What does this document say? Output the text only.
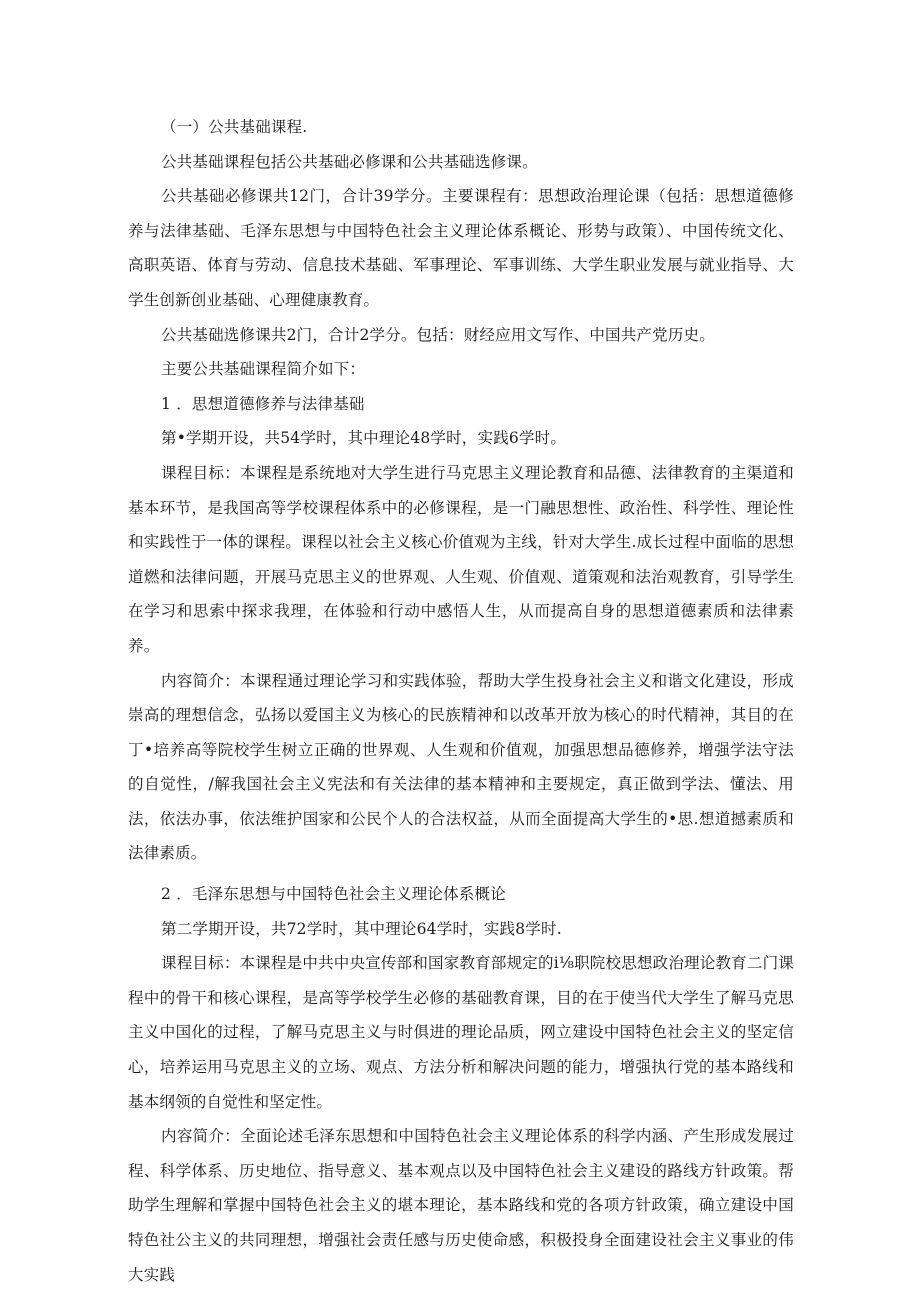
（一）公共基础课程.

公共基础课程包括公共基础必修课和公共基础选修课。

公共基础必修课共12门，合计39学分。主要课程有：思想政治理论课（包括：思想道德修养与法律基础、毛泽东思想与中国特色社会主义理论体系概论、形势与政策）、中国传统文化、高职英语、体育与劳动、信息技术基础、军事理论、军事训练、大学生职业发展与就业指导、大学生创新创业基础、心理健康教育。

公共基础选修课共2门，合计2学分。包括：财经应用文写作、中国共产党历史。

主要公共基础课程简介如下：

1 ．思想道德修养与法律基础

第•学期开设，共54学时，其中理论48学时，实践6学时。

课程目标：本课程是系统地对大学生进行马克思主义理论教育和品德、法律教育的主渠道和基本环节，是我国高等学校课程体系中的必修课程，是一门融思想性、政治性、科学性、理论性和实践性于一体的课程。课程以社会主义核心价值观为主线，针对大学生.成长过程中面临的思想道燃和法律问题，开展马克思主义的世界观、人生观、价值观、道策观和法治观教育，引导学生在学习和思索中探求我理，在体验和行动中感悟人生，从而提高自身的思想道德素质和法律素养。

内容简介：本课程通过理论学习和实践体验，帮助大学生投身社会主义和谐文化建设，形成崇高的理想信念，弘扬以爱国主义为核心的民族精神和以改革开放为核心的时代精神，其目的在丁•培养高等院校学生树立正确的世界观、人生观和价值观，加强思想品德修养，增强学法守法的自觉性，/解我国社会主义宪法和有关法律的基本精神和主要规定，真正做到学法、懂法、用法，依法办事，依法维护国家和公民个人的合法权益，从而全面提高大学生的•思.想道撼素质和法律素质。

2 ．毛泽东思想与中国特色社会主义理论体系概论

第二学期开设，共72学时，其中理论64学时，实践8学时.

课程目标：本课程是中共中央宣传部和国家教育部规定的i⅛职院校思想政治理论教育二门课程中的骨干和核心课程，是高等学校学生必修的基础教育课，目的在于使当代大学生了解马克思主义中国化的过程，了解马克思主义与时俱进的理论品质，网立建设中国特色社会主义的坚定信心，培养运用马克思主义的立场、观点、方法分析和解决问题的能力，增强执行党的基本路线和基本纲领的自觉性和坚定性。

内容简介：全面论述毛泽东思想和中国特色社会主义理论体系的科学内涵、产生形成发展过程、科学体系、历史地位、指导意义、基本观点以及中国特色社会主义建设的路线方针政策。帮助学生理解和掌握中国特色社会主义的堪本理论，基本路线和党的各项方针政策，确立建设中国特色社公主义的共同理想，增强社会责任感与历史使命感，积极投身全面建设社会主义事业的伟大实践
